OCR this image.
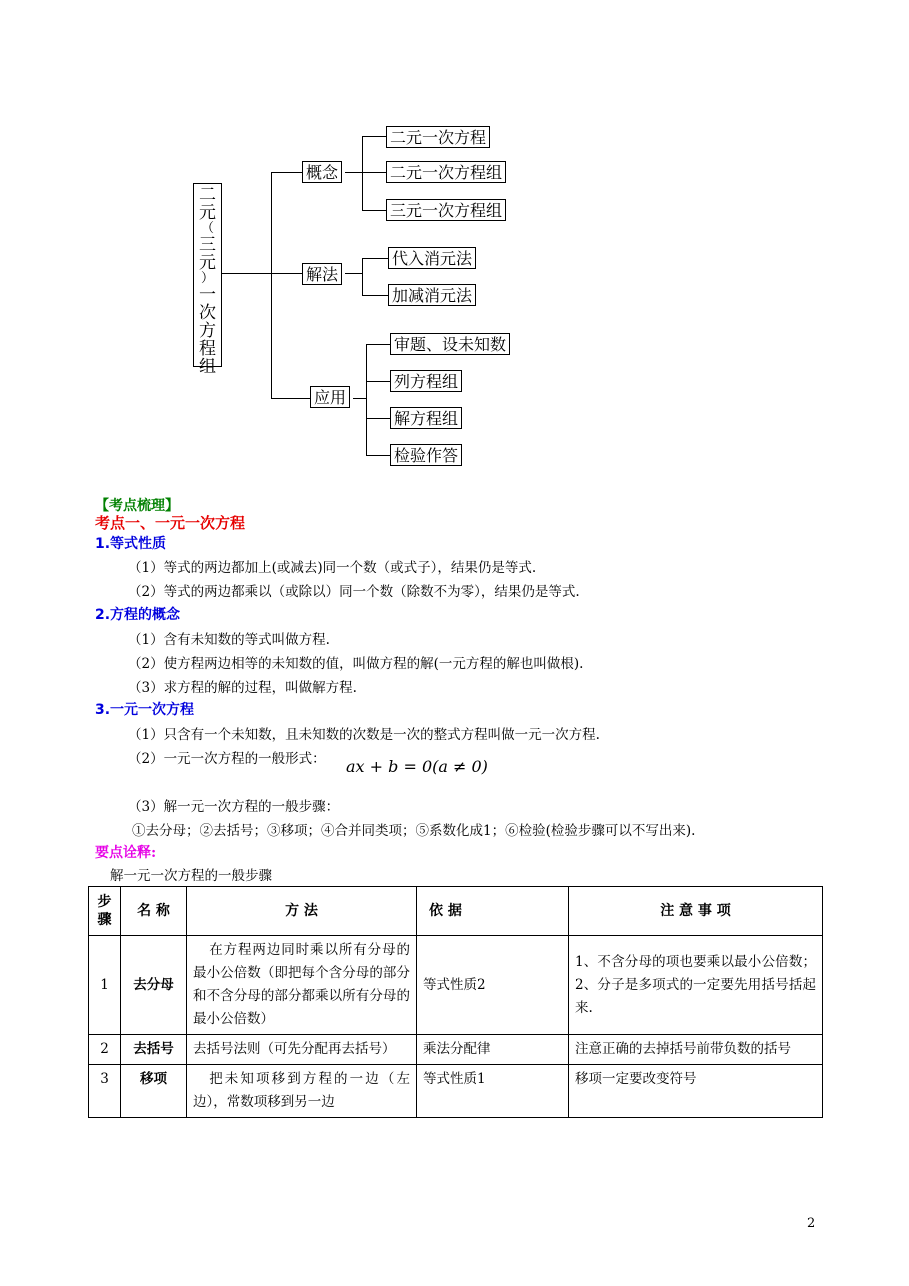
二
元
（
三
元
）
一
次
方
程
组
概念
二元一次方程
二元一次方程组
三元一次方程组
解法
代入消元法
加减消元法
应用
审题、设未知数
列方程组
解方程组
检验作答
【考点梳理】
考点一、一元一次方程
1.等式性质
（1）等式的两边都加上(或减去)同一个数（或式子），结果仍是等式.
（2）等式的两边都乘以（或除以）同一个数（除数不为零），结果仍是等式.
2.方程的概念
（1）含有未知数的等式叫做方程.
（2）使方程两边相等的未知数的值，叫做方程的解(一元方程的解也叫做根).
（3）求方程的解的过程，叫做解方程.
3.一元一次方程
（1）只含有一个未知数，且未知数的次数是一次的整式方程叫做一元一次方程.
（2）一元一次方程的一般形式： ax + b = 0(a ≠ 0)
（3）解一元一次方程的一般步骤：
①去分母；②去括号；③移项；④合并同类项；⑤系数化成1；⑥检验(检验步骤可以不写出来).
要点诠释:
解一元一次方程的一般步骤
步骤	名 称	方 法	依 据	注 意 事 项
1	去分母	在方程两边同时乘以所有分母的最小公倍数（即把每个含分母的部分和不含分母的部分都乘以所有分母的最小公倍数）	等式性质2	1、不含分母的项也要乘以最小公倍数；2、分子是多项式的一定要先用括号括起来.
2	去括号	去括号法则（可先分配再去括号）	乘法分配律	注意正确的去掉括号前带负数的括号
3	移项	把未知项移到方程的一边（左边），常数项移到另一边	等式性质1	移项一定要改变符号
2
